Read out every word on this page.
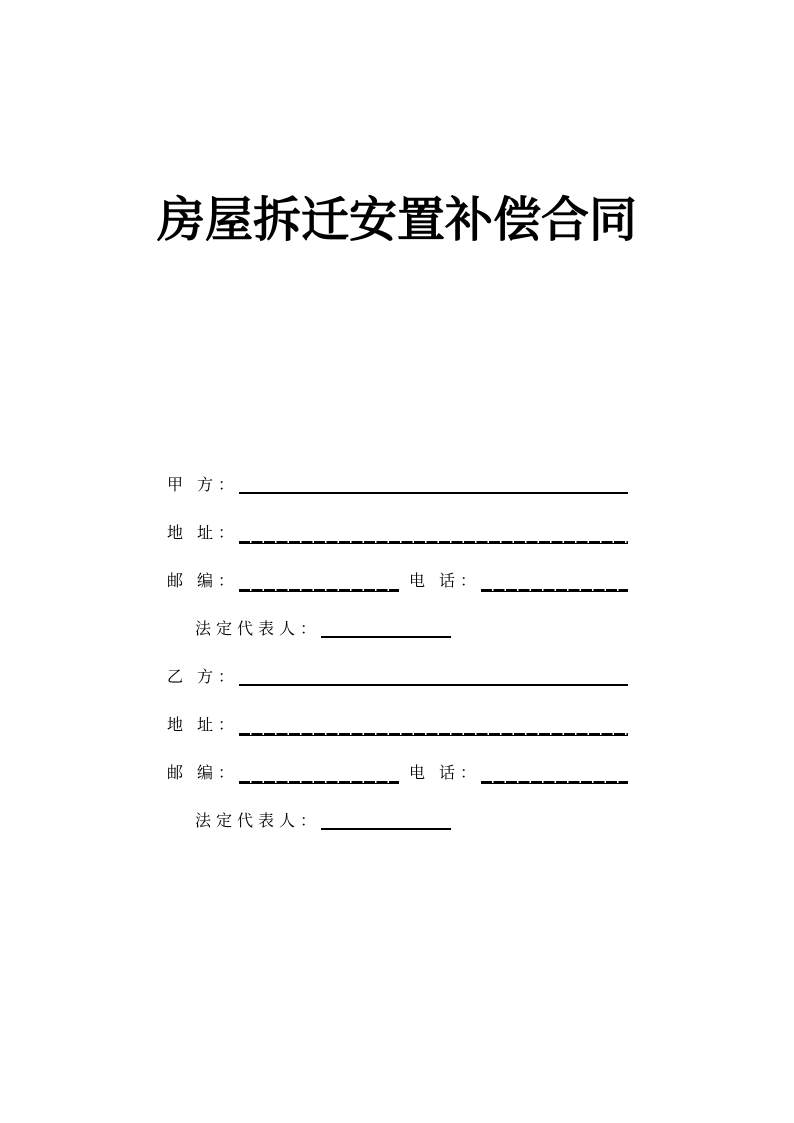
房屋拆迁安置补偿合同
甲 方：
地 址：
邮 编：	电 话：
法定代表人：
乙 方：
地 址：
邮 编：	电 话：
法定代表人：
